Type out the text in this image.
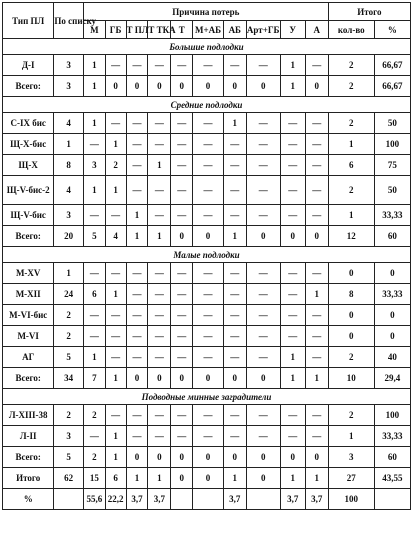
Тип ПЛ	По списку	Причина потерь										Итого	
		М	ГБ	Т ПЛ	Т ТКА	Т	М+АБ	АБ	Арт+ГБ	У	А	кол-во	%
Большие подлодки													
Д-I	3	1	—	—	—	—	—	—	—	1	—	2	66,67
Всего:	3	1	0	0	0	0	0	0	0	1	0	2	66,67
Средние подлодки													
С-IX бис	4	1	—	—	—	—	—	1	—	—	—	2	50
Щ-Х-бис	1	—	1	—	—	—	—	—	—	—	—	1	100
Щ-Х	8	3	2	—	1	—	—	—	—	—	—	6	75
Щ-V-бис-2	4	1	1	—	—	—	—	—	—	—	—	2	50
Щ-V-бис	3	—	—	1	—	—	—	—	—	—	—	1	33,33
Всего:	20	5	4	1	1	0	0	1	0	0	0	12	60
Малые подлодки													
М-XV	1	—	—	—	—	—	—	—	—	—	—	0	0
М-XII	24	6	1	—	—	—	—	—	—	—	1	8	33,33
М-VI-бис	2	—	—	—	—	—	—	—	—	—	—	0	0
М-VI	2	—	—	—	—	—	—	—	—	—	—	0	0
АГ	5	1	—	—	—	—	—	—	—	1	—	2	40
Всего:	34	7	1	0	0	0	0	0	0	1	1	10	29,4
Подводные минные заградители													
Л-XIII-38	2	2	—	—	—	—	—	—	—	—	—	2	100
Л-II	3	—	1	—	—	—	—	—	—	—	—	1	33,33
Всего:	5	2	1	0	0	0	0	0	0	0	0	3	60
Итого	62	15	6	1	1	0	0	1	0	1	1	27	43,55
%		55,6	22,2	3,7	3,7			3,7		3,7	3,7	100	
